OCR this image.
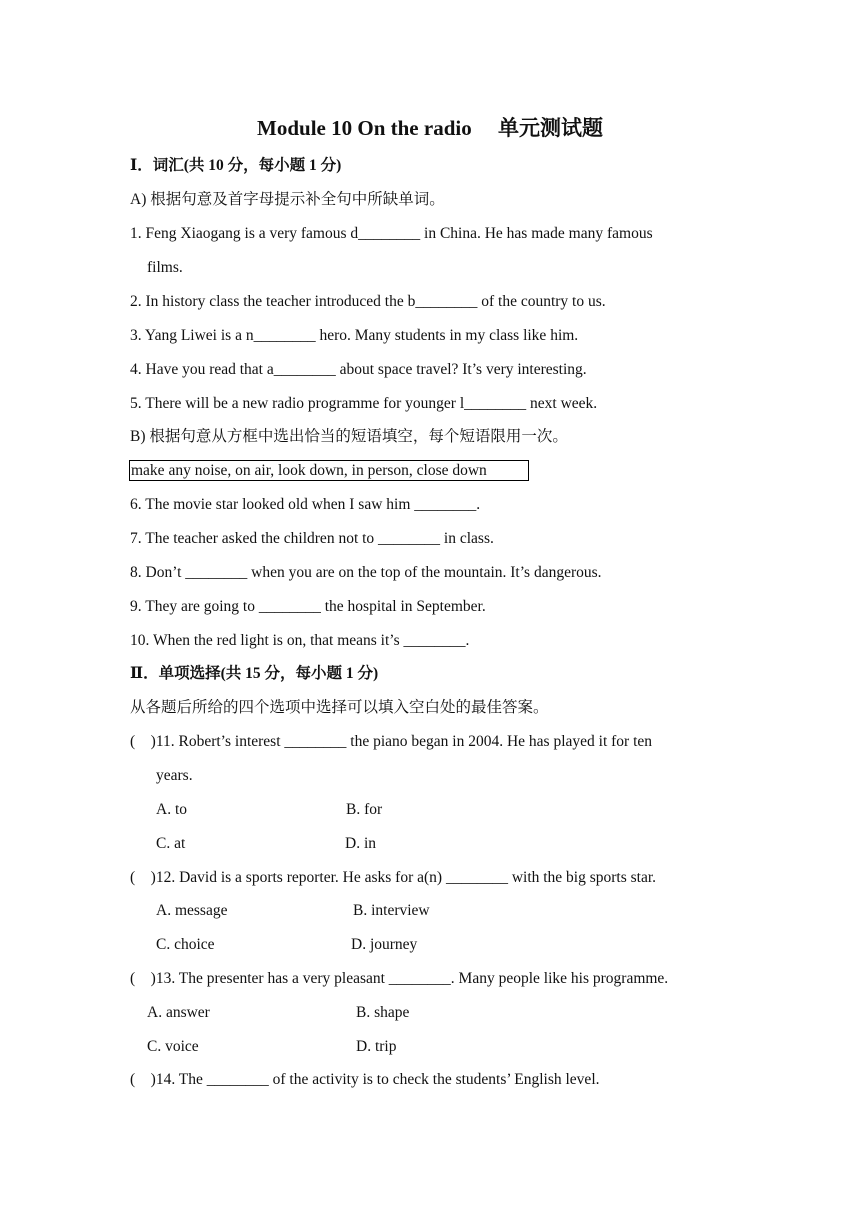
Module 10 On the radio　 单元测试题
Ⅰ．词汇(共 10 分，每小题 1 分)
A) 根据句意及首字母提示补全句中所缺单词。
1. Feng Xiaogang is a very famous d________ in China. He has made many famous
films.
2. In history class the teacher introduced the b________ of the country to us.
3. Yang Liwei is a n________ hero. Many students in my class like him.
4. Have you read that a________ about space travel? It’s very interesting.
5. There will be a new radio programme for younger l________ next week.
B) 根据句意从方框中选出恰当的短语填空，每个短语限用一次。
make any noise, on air, look down, in person, close down
6. The movie star looked old when I saw him ________.
7. The teacher asked the children not to ________ in class.
8. Don’t ________ when you are on the top of the mountain. It’s dangerous.
9. They are going to ________ the hospital in September.
10. When the red light is on, that means it’s ________.
Ⅱ．单项选择(共 15 分，每小题 1 分)
从各题后所给的四个选项中选择可以填入空白处的最佳答案。
( )11. Robert’s interest ________ the piano began in 2004. He has played it for ten
years.
A. to	B. for
C. at	D. in
( )12. David is a sports reporter. He asks for a(n) ________ with the big sports star.
A. message	B. interview
C. choice	D. journey
( )13. The presenter has a very pleasant ________. Many people like his programme.
A. answer	B. shape
C. voice	D. trip
( )14. The ________ of the activity is to check the students’ English level.
